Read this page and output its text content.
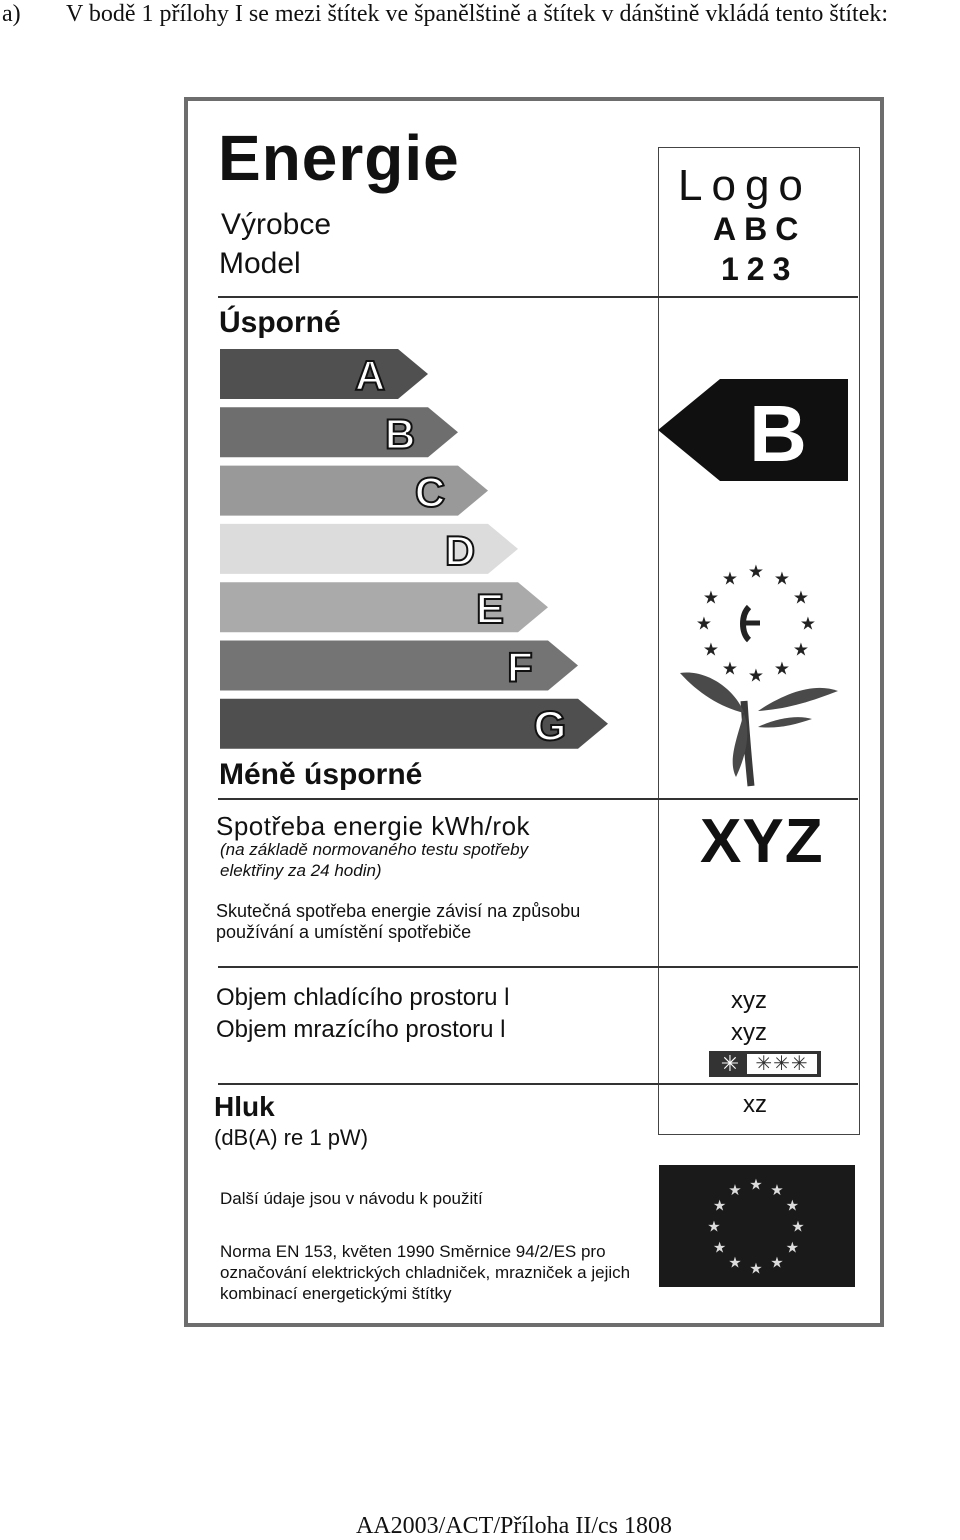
a) V bodě 1 přílohy I se mezi štítek ve španělštině a štítek v dánštině vkládá tento štítek:
Energie
Výrobce
Model
Logo
ABC
123
Úsporné
A
B
C
D
E
F
G
B
★ ★
★
★
★
★
★
★
★
★
★
★
★ ★
★
★
★
★
★
★
★
★
★
★
Méně úsporné
Spotřeba energie kWh/rok
(na základě normovaného testu spotřeby elektřiny za 24 hodin)	XYZ
Skutečná spotřeba energie závisí na způsobu používání a umístění spotřebiče
Objem chladícího prostoru l
Objem mrazícího prostoru l
xyz
xyz
✳ ✳✳✳
Hluk
(dB(A) re 1 pW)
xz
Další údaje jsou v návodu k použití
Norma EN 153, květen 1990 Směrnice 94/2/ES pro označování elektrických chladniček, mrazniček a jejich kombinací energetickými štítky
AA2003/ACT/Příloha II/cs 1808
